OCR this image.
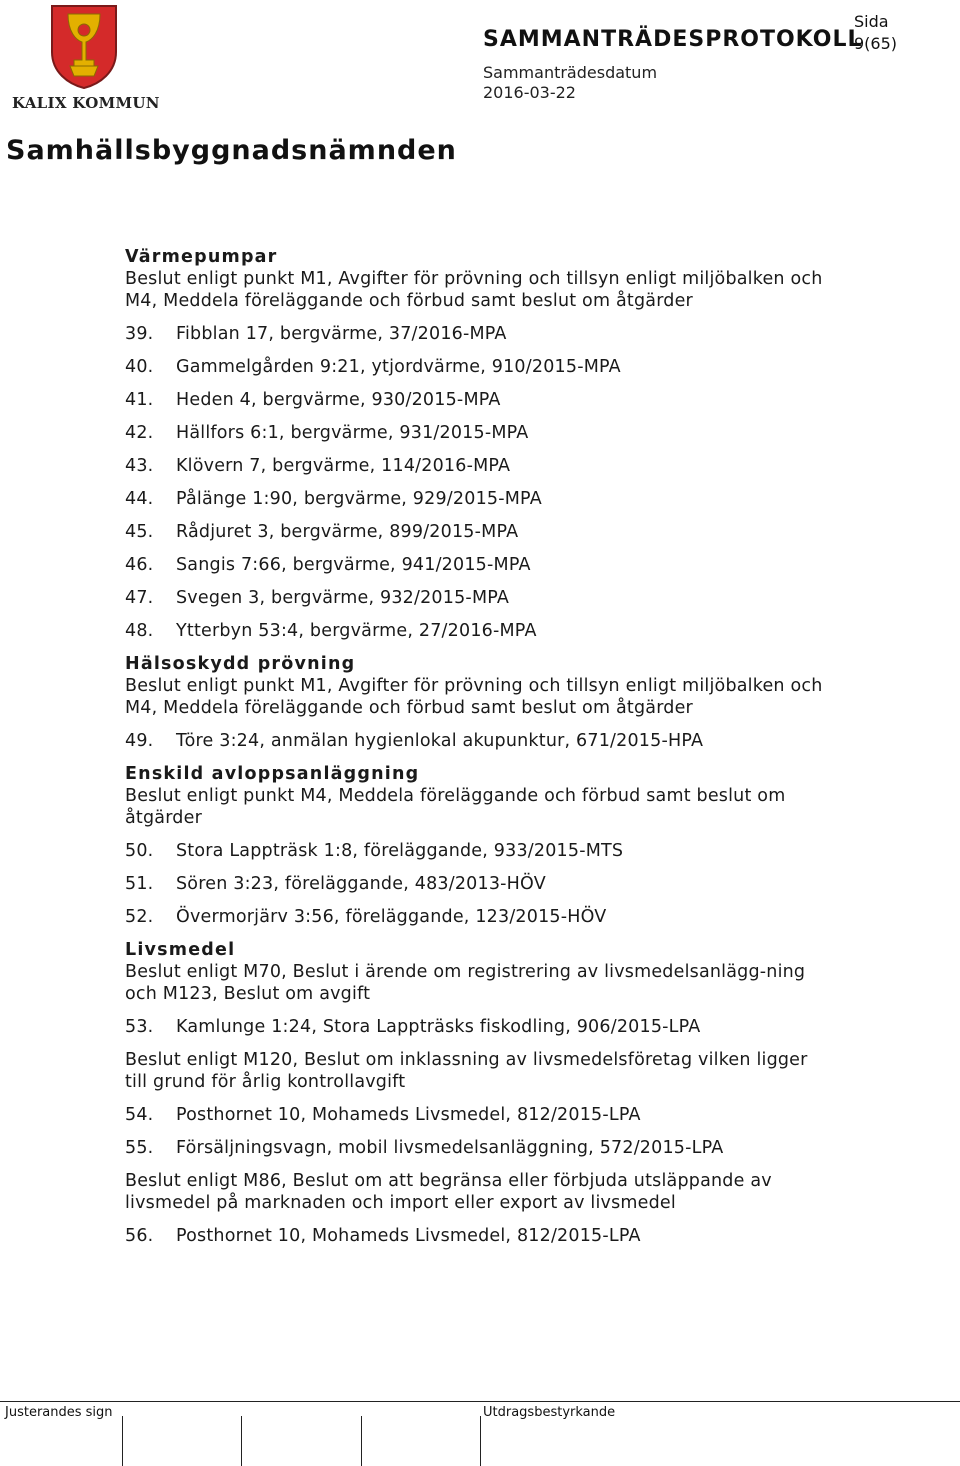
KALIX KOMMUN
SAMMANTRÄDESPROTOKOLL
Sida
9(65)
Sammanträdesdatum
2016-03-22
Samhällsbyggnadsnämnden
Värmepumpar
Beslut enligt punkt M1, Avgifter för prövning och tillsyn enligt miljöbalken och M4, Meddela föreläggande och förbud samt beslut om åtgärder
39.	Fibblan 17, bergvärme, 37/2016-MPA
40.	Gammelgården 9:21, ytjordvärme, 910/2015-MPA
41.	Heden 4, bergvärme, 930/2015-MPA
42.	Hällfors 6:1, bergvärme, 931/2015-MPA
43.	Klövern 7, bergvärme, 114/2016-MPA
44.	Pålänge 1:90, bergvärme, 929/2015-MPA
45.	Rådjuret 3, bergvärme, 899/2015-MPA
46.	Sangis 7:66, bergvärme, 941/2015-MPA
47.	Svegen 3, bergvärme, 932/2015-MPA
48.	Ytterbyn 53:4, bergvärme, 27/2016-MPA
Hälsoskydd prövning
Beslut enligt punkt M1, Avgifter för prövning och tillsyn enligt miljöbalken och M4, Meddela föreläggande och förbud samt beslut om åtgärder
49.	Töre 3:24, anmälan hygienlokal akupunktur, 671/2015-HPA
Enskild avloppsanläggning
Beslut enligt punkt M4, Meddela föreläggande och förbud samt beslut om åtgärder
50.	Stora Lappträsk 1:8, föreläggande, 933/2015-MTS
51.	Sören 3:23, föreläggande, 483/2013-HÖV
52.	Övermorjärv 3:56, föreläggande, 123/2015-HÖV
Livsmedel
Beslut enligt M70, Beslut i ärende om registrering av livsmedelsanlägg-ning och M123, Beslut om avgift
53.	Kamlunge 1:24, Stora Lappträsks fiskodling, 906/2015-LPA
Beslut enligt M120, Beslut om inklassning av livsmedelsföretag vilken ligger till grund för årlig kontrollavgift
54.	Posthornet 10, Mohameds Livsmedel, 812/2015-LPA
55.	Försäljningsvagn, mobil livsmedelsanläggning, 572/2015-LPA
Beslut enligt M86, Beslut om att begränsa eller förbjuda utsläppande av livsmedel på marknaden och import eller export av livsmedel
56.	Posthornet 10, Mohameds Livsmedel, 812/2015-LPA
Justerandes sign	Utdragsbestyrkande
